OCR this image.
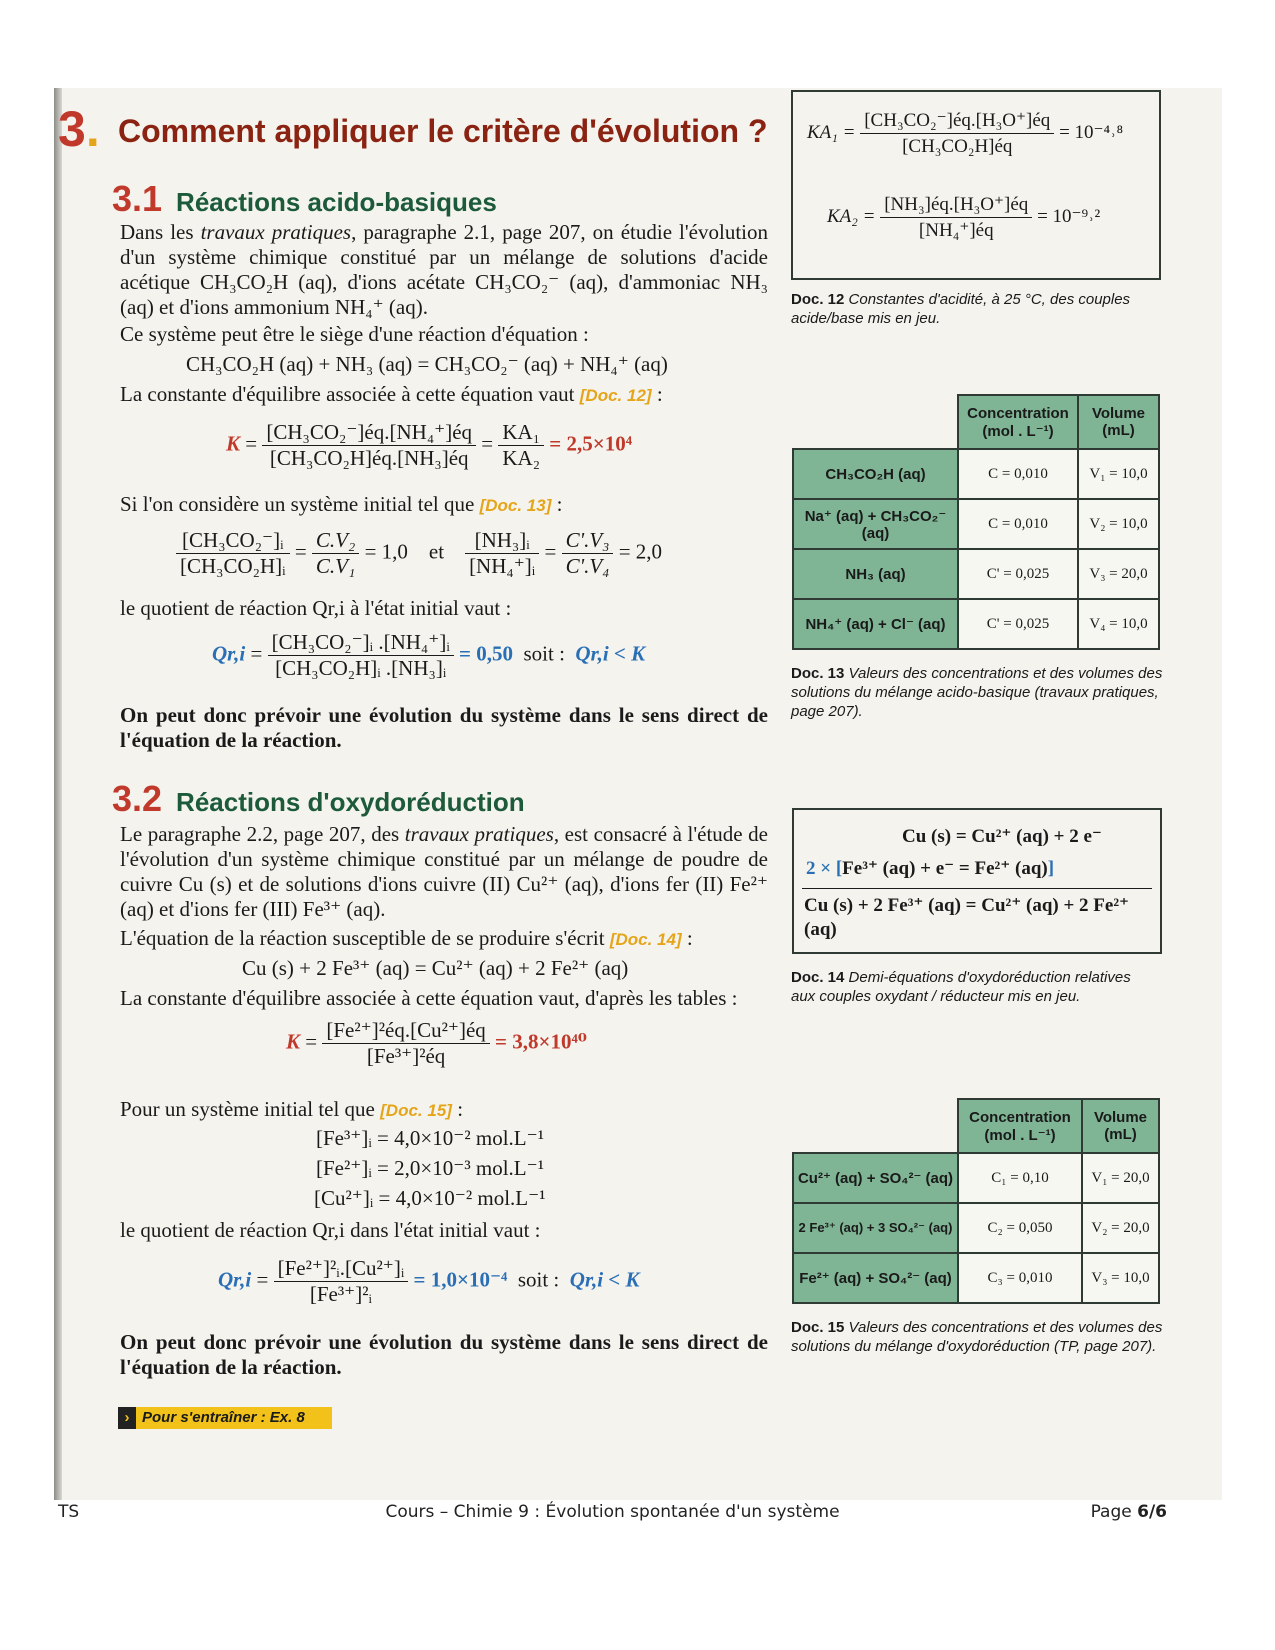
3. Comment appliquer le critère d'évolution ?
3.1 Réactions acido-basiques
Dans les travaux pratiques, paragraphe 2.1, page 207, on étudie l'évolution d'un système chimique constitué par un mélange de solutions d'acide acétique CH₃CO₂H (aq), d'ions acétate CH₃CO₂⁻ (aq), d'ammoniac NH₃ (aq) et d'ions ammonium NH₄⁺ (aq).
Ce système peut être le siège d'une réaction d'équation :
CH₃CO₂H (aq) + NH₃ (aq) = CH₃CO₂⁻ (aq) + NH₄⁺ (aq)
La constante d'équilibre associée à cette équation vaut [Doc. 12] :
$K = \frac{\text{[CH₃CO₂⁻]éq.[NH₄⁺]éq}}{\text{[CH₃CO₂H]éq.[NH₃]éq}} = \frac{\text{KA₁}}{\text{KA₂}} = 2,5\times 10^4$
Si l'on considère un système initial tel que [Doc. 13] :
$\frac{\text{[CH₃CO₂⁻]ᵢ}}{\text{[CH₃CO₂H]ᵢ}} = \frac{\text{C.V₂}}{\text{C.V₁}} = 1,0$ et $\frac{\text{[NH₃]ᵢ}}{\text{[NH₄⁺]ᵢ}} = \frac{\text{C'.V₃}}{\text{C'.V₄}} = 2,0$
le quotient de réaction Qr,i à l'état initial vaut :
$Qr,i = \frac{\text{[CH₃CO₂⁻]ᵢ .[NH₄⁺]ᵢ}}{\text{[CH₃CO₂H]ᵢ .[NH₃]ᵢ}} = 0,50$ soit : Qr,i < K
On peut donc prévoir une évolution du système dans le sens direct de l'équation de la réaction.
3.2 Réactions d'oxydoréduction
Le paragraphe 2.2, page 207, des travaux pratiques, est consacré à l'étude de l'évolution d'un système chimique constitué par un mélange de poudre de cuivre Cu (s) et de solutions d'ions cuivre (II) Cu²⁺ (aq), d'ions fer (II) Fe²⁺ (aq) et d'ions fer (III) Fe³⁺ (aq).
L'équation de la réaction susceptible de se produire s'écrit [Doc. 14] :
Cu (s) + 2 Fe³⁺ (aq) = Cu²⁺ (aq) + 2 Fe²⁺ (aq)
La constante d'équilibre associée à cette équation vaut, d'après les tables :
$K = \frac{\text{[Fe²⁺]²éq.[Cu²⁺]éq}}{\text{[Fe³⁺]²éq}} = 3,8\times 10^{40}$
Pour un système initial tel que [Doc. 15] :
[Fe³⁺]ᵢ = 4,0×10⁻² mol.L⁻¹
[Fe²⁺]ᵢ = 2,0×10⁻³ mol.L⁻¹
[Cu²⁺]ᵢ = 4,0×10⁻² mol.L⁻¹
le quotient de réaction Qr,i dans l'état initial vaut :
$Qr,i = \frac{\text{[Fe²⁺]²ᵢ.[Cu²⁺]ᵢ}}{\text{[Fe³⁺]²ᵢ}} = 1,0\times 10^{-4}$ soit : Qr,i < K
On peut donc prévoir une évolution du système dans le sens direct de l'équation de la réaction.
› Pour s'entraîner : Ex. 8
$KA_1 = \frac{\text{[CH₃CO₂⁻]éq.[H₃O⁺]éq}}{\text{[CH₃CO₂H]éq}}$ = 10⁻⁴˒⁸
$KA_2 = \frac{\text{[NH₃]éq.[H₃O⁺]éq}}{\text{[NH₄⁺]éq}}$ = 10⁻⁹˒²
Doc. 12 Constantes d'acidité, à 25 °C, des couples acide/base mis en jeu.
	Concentration (mol . L⁻¹)	Volume (mL)
CH₃CO₂H (aq)	C = 0,010	V₁ = 10,0
Na⁺ (aq) + CH₃CO₂⁻ (aq)	C = 0,010	V₂ = 10,0
NH₃ (aq)	C' = 0,025	V₃ = 20,0
NH₄⁺ (aq) + Cl⁻ (aq)	C' = 0,025	V₄ = 10,0
Doc. 13 Valeurs des concentrations et des volumes des solutions du mélange acido-basique (travaux pratiques, page 207).
Cu (s) = Cu²⁺ (aq) + 2 e⁻
2 × [Fe³⁺ (aq) + e⁻ = Fe²⁺ (aq)]
Cu (s) + 2 Fe³⁺ (aq) = Cu²⁺ (aq) + 2 Fe²⁺ (aq)
Doc. 14 Demi-équations d'oxydoréduction relatives aux couples oxydant / réducteur mis en jeu.
	Concentration (mol . L⁻¹)	Volume (mL)
Cu²⁺ (aq) + SO₄²⁻ (aq)	C₁ = 0,10	V₁ = 20,0
2 Fe³⁺ (aq) + 3 SO₄²⁻ (aq)	C₂ = 0,050	V₂ = 20,0
Fe²⁺ (aq) + SO₄²⁻ (aq)	C₃ = 0,010	V₃ = 10,0
Doc. 15 Valeurs des concentrations et des volumes des solutions du mélange d'oxydoréduction (TP, page 207).
TS	Cours – Chimie 9 : Évolution spontanée d'un système	Page 6/6
